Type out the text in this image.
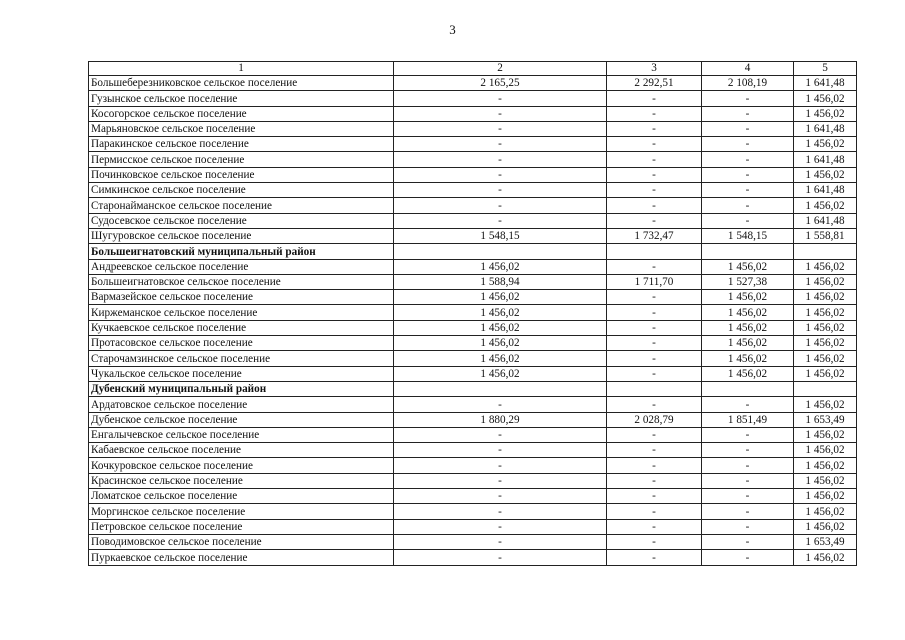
3
1	2	3	4	5
Большеберезниковское сельское поселение	2 165,25	2 292,51	2 108,19	1 641,48
Гузынское сельское поселение	-	-	-	1 456,02
Косогорское сельское поселение	-	-	-	1 456,02
Марьяновское сельское поселение	-	-	-	1 641,48
Паракинское сельское поселение	-	-	-	1 456,02
Пермисское сельское поселение	-	-	-	1 641,48
Починковское сельское поселение	-	-	-	1 456,02
Симкинское сельское поселение	-	-	-	1 641,48
Старонаймансκое сельское поселение	-	-	-	1 456,02
Судосевское сельское поселение	-	-	-	1 641,48
Шугуровское сельское поселение	1 548,15	1 732,47	1 548,15	1 558,81
Большеигнатовский муниципальный район				
Андреевское сельское поселение	1 456,02	-	1 456,02	1 456,02
Большеигнатовское сельское поселение	1 588,94	1 711,70	1 527,38	1 456,02
Вармазейское сельское поселение	1 456,02	-	1 456,02	1 456,02
Киржеманское сельское поселение	1 456,02	-	1 456,02	1 456,02
Кучкаевское сельское поселение	1 456,02	-	1 456,02	1 456,02
Протасовское сельское поселение	1 456,02	-	1 456,02	1 456,02
Старочамзинское сельское поселение	1 456,02	-	1 456,02	1 456,02
Чукальское сельское поселение	1 456,02	-	1 456,02	1 456,02
Дубенский муниципальный район				
Ардатовское сельское поселение	-	-	-	1 456,02
Дубенское сельское поселение	1 880,29	2 028,79	1 851,49	1 653,49
Енгалычевское сельское поселение	-	-	-	1 456,02
Кабаевское сельское поселение	-	-	-	1 456,02
Кочкуровское сельское поселение	-	-	-	1 456,02
Красинское сельское поселение	-	-	-	1 456,02
Ломатское сельское поселение	-	-	-	1 456,02
Моргинское сельское поселение	-	-	-	1 456,02
Петровское сельское поселение	-	-	-	1 456,02
Поводимовское сельское поселение	-	-	-	1 653,49
Пуркаевское сельское поселение	-	-	-	1 456,02
